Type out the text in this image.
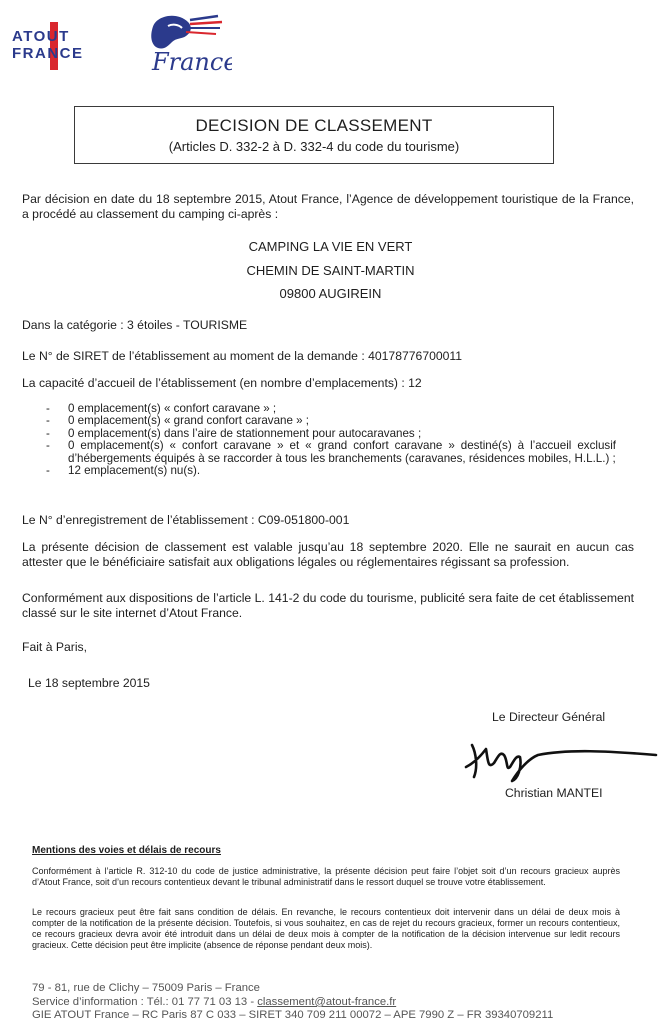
ATOUT
FRANCE	France
DECISION DE CLASSEMENT
(Articles D. 332-2 à D. 332-4 du code du tourisme)
Par décision en date du 18 septembre 2015, Atout France, l’Agence de développement touristique de la France, a procédé au classement du camping ci-après :
CAMPING LA VIE EN VERT
CHEMIN DE SAINT-MARTIN
09800 AUGIREIN
Dans la catégorie : 3 étoiles - TOURISME
Le N° de SIRET de l’établissement au moment de la demande : 40178776700011
La capacité d’accueil de l’établissement (en nombre d’emplacements) : 12
-	0 emplacement(s) « confort caravane » ;
-	0 emplacement(s) « grand confort caravane » ;
-	0 emplacement(s) dans l’aire de stationnement pour autocaravanes ;
-	0 emplacement(s) « confort caravane » et « grand confort caravane » destiné(s) à l’accueil exclusif d’hébergements équipés à se raccorder à tous les branchements (caravanes, résidences mobiles, H.L.L.) ;
-	12 emplacement(s) nu(s).
Le N° d’enregistrement de l’établissement : C09-051800-001
La présente décision de classement est valable jusqu’au 18 septembre 2020. Elle ne saurait en aucun cas attester que le bénéficiaire satisfait aux obligations légales ou réglementaires régissant sa profession.
Conformément aux dispositions de l’article L. 141-2 du code du tourisme, publicité sera faite de cet établissement classé sur le site internet d’Atout France.
Fait à Paris,
Le 18 septembre 2015
Le Directeur Général
Christian MANTEI
Mentions des voies et délais de recours
Conformément à l’article R. 312-10 du code de justice administrative, la présente décision peut faire l’objet soit d’un recours gracieux auprès d’Atout France, soit d’un recours contentieux devant le tribunal administratif dans le ressort duquel se trouve votre établissement.
Le recours gracieux peut être fait sans condition de délais. En revanche, le recours contentieux doit intervenir dans un délai de deux mois à compter de la notification de la présente décision. Toutefois, si vous souhaitez, en cas de rejet du recours gracieux, former un recours contentieux, ce recours gracieux devra avoir été introduit dans un délai de deux mois à compter de la notification de la décision intervenue sur ledit recours gracieux. Cette décision peut être implicite (absence de réponse pendant deux mois).
79 - 81, rue de Clichy – 75009 Paris – France
Service d’information : Tél.: 01 77 71 03 13 - classement@atout-france.fr
GIE ATOUT France – RC Paris 87 C 033 – SIRET 340 709 211 00072 – APE 7990 Z – FR 39340709211
